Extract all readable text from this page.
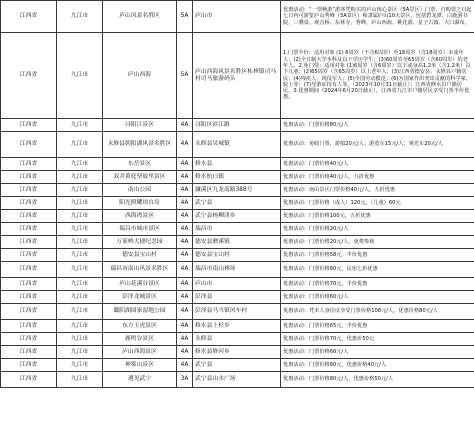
江西省	九江市	庐山风景名胜区	5A	庐山市	优惠活动：“一票畅游”游客凭购买的庐山核心景区（5A景区）门票，自购票之日起七日内可游览庐山秀峰（5A景区）和隶属庐山10大景区，包括碧龙潭、白鹿洞书院、三叠泉、观音桥、东林寺、秀峰、庐山西海、桃花源、星子古镇、大口瀑布。
江西省	九江市	庐山西海	5A	庐山西海风景名胜区柘林镇司马村司马旅游码头	1.门票半价：适用对象 (1) 6周岁（不含6周岁）至18周岁（含18周岁）未成年人；(2)全日制大学本科及以下学历学生；(3)60周岁至65周岁（含60周岁）的老年人。2.免门票：适用对象 (1)6周岁（含6周岁）以下或身高1.2米（含1.2米）以下儿童；(2)65周岁（含65周岁）以上老年人；(3)江西省德安县、永修县户籍居民；(4)残疾人、现役军人；(5)全国劳动模范；(6)为国家作出突出贡献的科学家、院士等；(7)导游证持有人等。（2023年10月31日截止）；江西省修水县户籍居民。3.优惠期间（2024年6月20日截止），江西省九江市户籍居民享受门票半价优惠。
江西省	九江市	浔阳江景区	4A	浔阳区滨江路	优惠活动：门票价格80元/人
江西省	九江市	永修县朝阳湖风景名胜区	4A	永修县吴城镇	优惠活动：免收门票，游船20元/人；游览车15元/人；观光车20元/人
江西省	九江市	东岳景区	4A	修水县	优惠活动：门票价格40元/人
江西省	九江市	双井黄庭坚故里景区	4A	修水杭口镇	优惠活动：门票价格40元/人，九折优惠
江西省	九江市	南山公园	4A	濂溪区九龙南路388号	优惠活动：南山景区门票价格40元/人，九折优惠
江西省	九江市	阳光照耀琼台岛	4A	武宁县	优惠活动：门票价格（成人）120元，（儿童）60元
江西省	九江市	西海湾景区	4A	武宁县杨柳津乡	优惠活动：门票价格100元，五折优惠
江西省	九江市	瑞昌市城市景区	4A	瑞昌市	优惠活动：门票价格20元/人
江西省	九江市	万家岭大捷纪念园	4A	德安县磨溪镇	优惠活动：门票价格20元/人，免费参观
江西省	九江市	德安县宝山村	4A	德安县宝山村	优惠活动：门票价格58元，半价优惠
江西省	九江市	瑞昌市南山风景名胜区	4A	瑞昌市南山林场	优惠活动：门票价格60元，民宿七折优惠
江西省	九江市	庐山花溪谷景区	4A	庐山市	优惠活动：门票价格70元，半价优惠
江西省	九江市	彭泽龙城景区	4A	彭泽县	优惠活动：门票价格60元/人
江西省	九江市	鄱阳湖国家湿地公园	4A	彭泽县马当镇风车村	优惠活动：凭本人身份证享受门票价格108元/人，优惠价格80元/人
江西省	九江市	东方玉虎景区	4A	修水县上杉乡	优惠活动：门票价格65元，半价优惠
江西省	九江市	鹿鸣谷景区	4A	永修县	优惠活动：门票价格70元，优惠价50元
江西省	九江市	庐山西海景区	4A	修水县修河乡	优惠活动：门票价格60元/人
江西省	九江市	神雾山景区	4A	武宁县	优惠活动：门票价格60元，优惠价格40元/人
江西省	九江市	遇见武宁	3A	武宁县山水广场	优惠活动：门票价格80元/人，优惠价格50元/人
